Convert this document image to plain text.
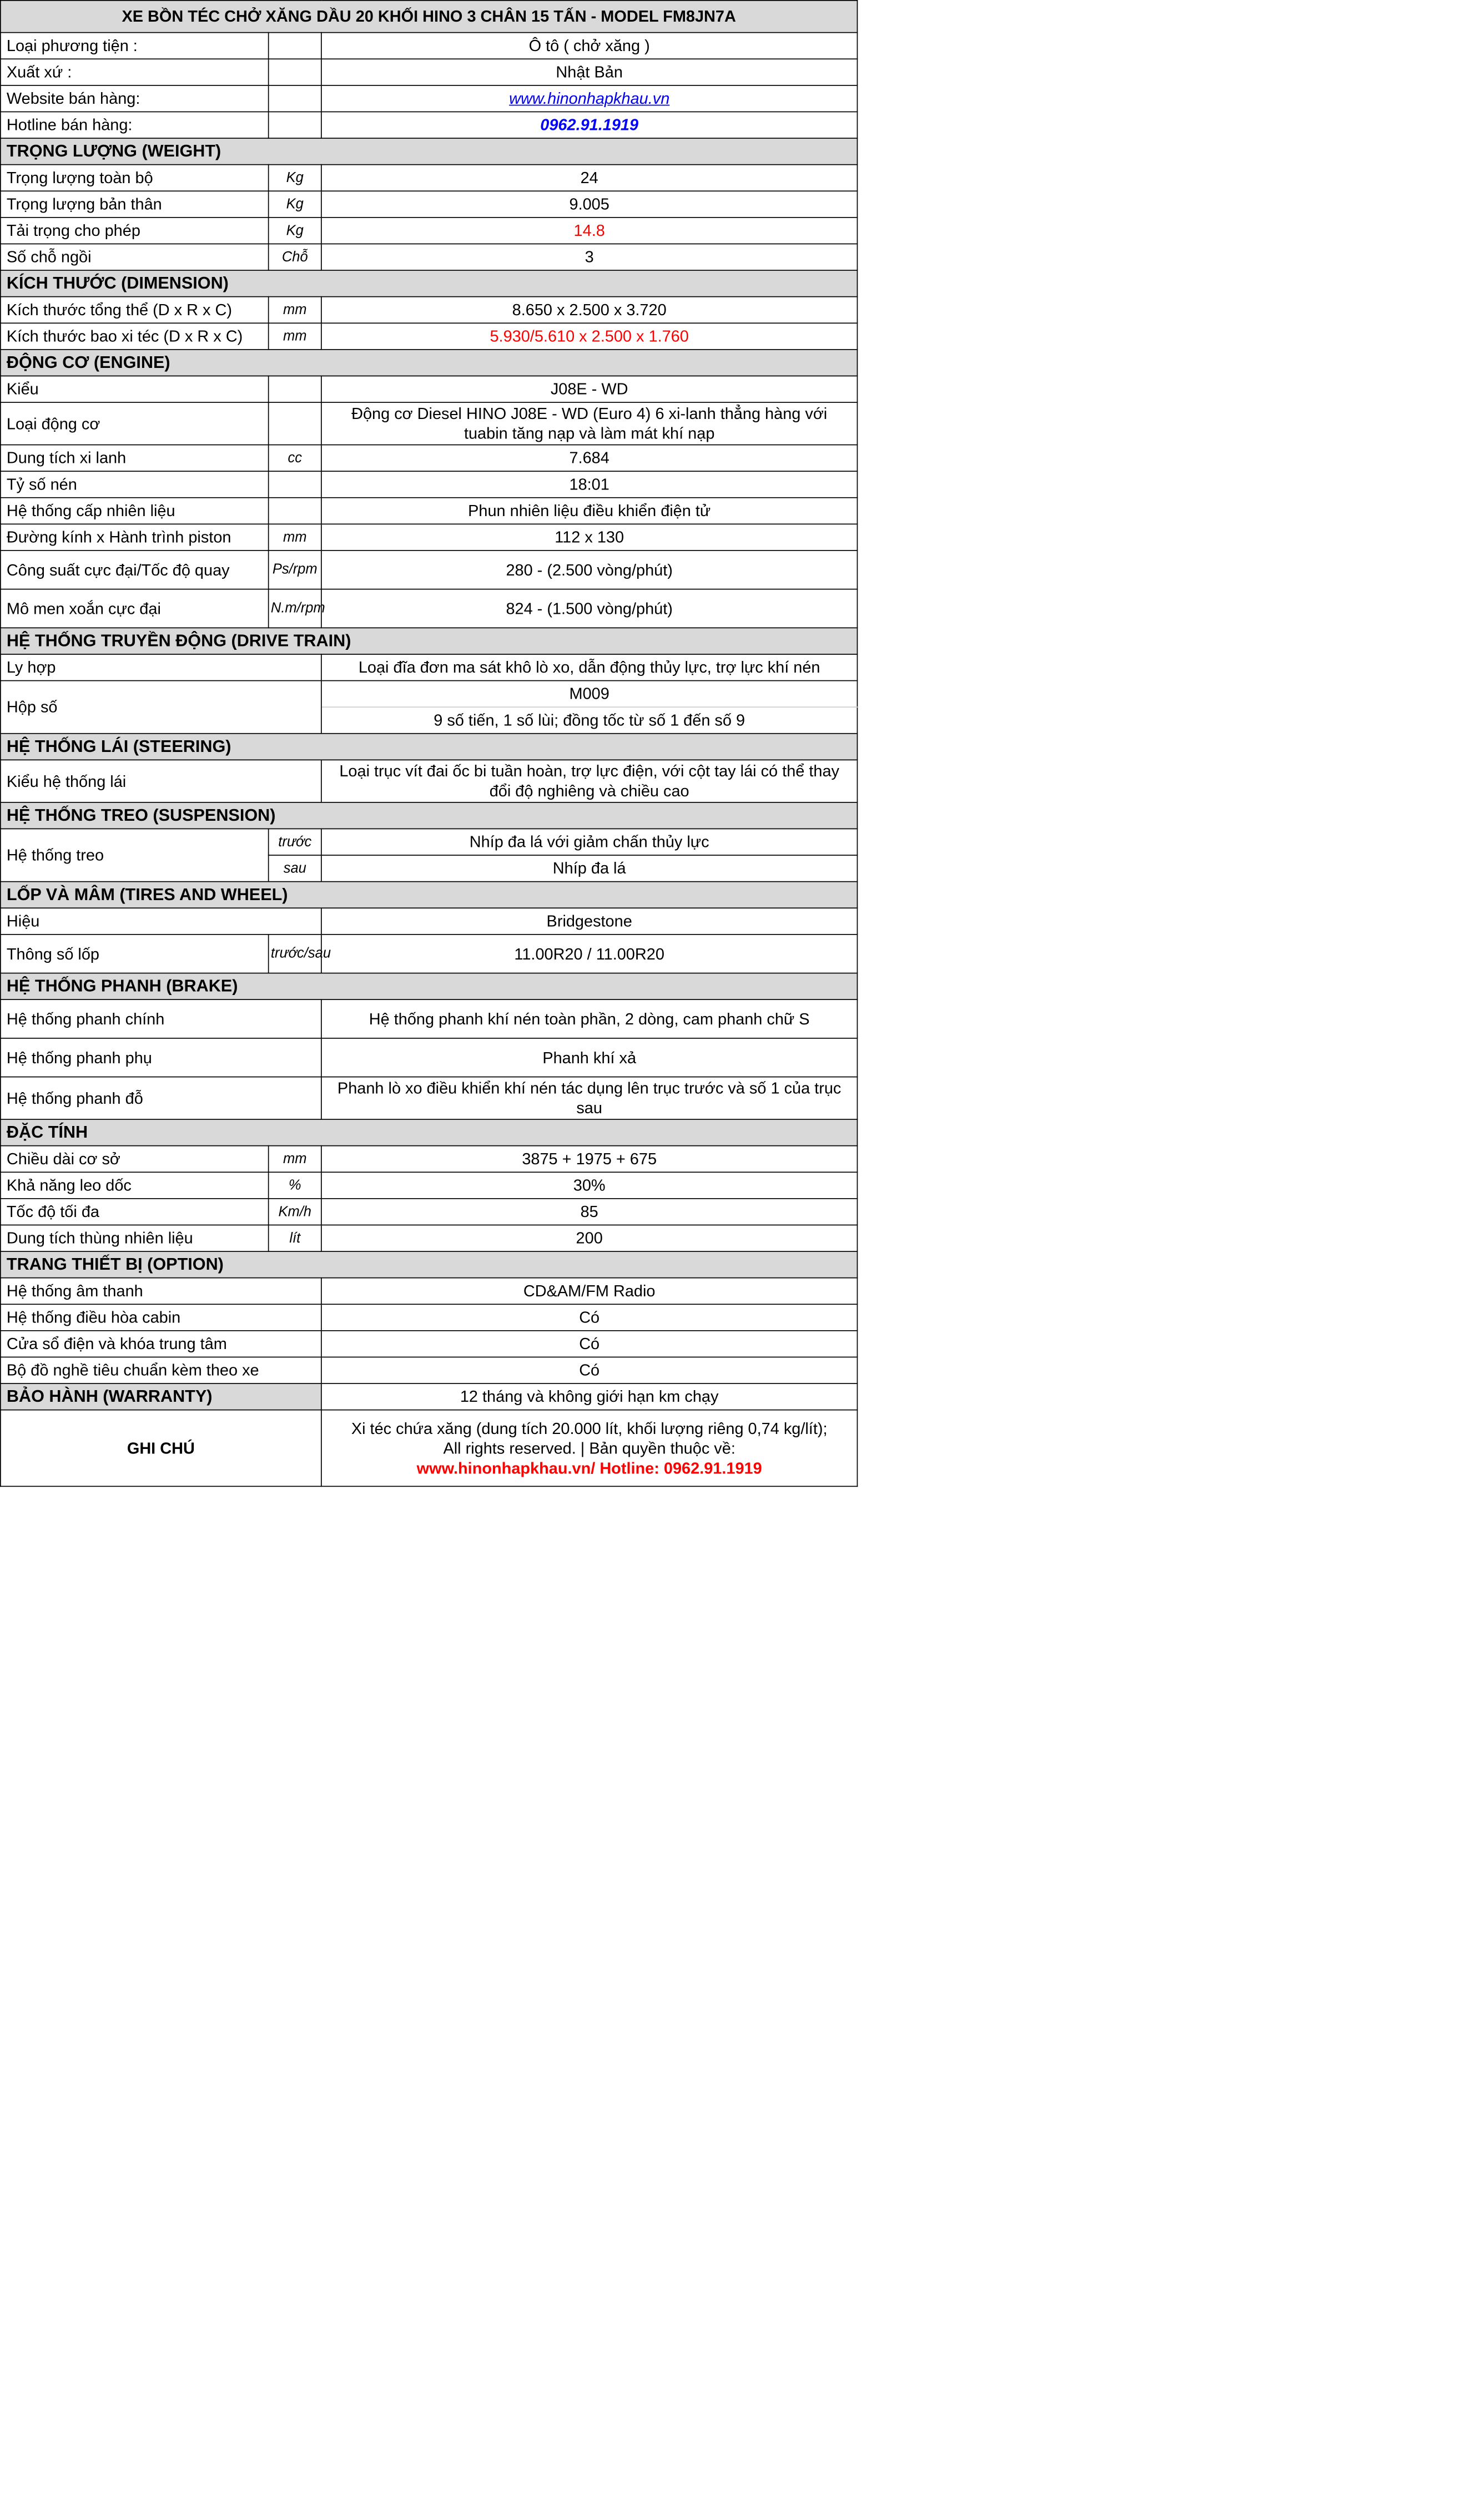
XE BỒN TÉC CHỞ XĂNG DẦU 20 KHỐI HINO 3 CHÂN 15 TẤN - MODEL FM8JN7A		
Loại phương tiện :		Ô tô ( chở xăng )
Xuất xứ :		Nhật Bản
Website bán hàng:		www.hinonhapkhau.vn
Hotline bán hàng:		0962.91.1919
TRỌNG LƯỢNG (WEIGHT)		
Trọng lượng toàn bộ	Kg	24
Trọng lượng bản thân	Kg	9.005
Tải trọng cho phép	Kg	14.8
Số chỗ ngồi	Chỗ	3
KÍCH THƯỚC (DIMENSION)		
Kích thước tổng thể (D x R x C)	mm	8.650 x 2.500 x 3.720
Kích thước bao xi téc (D x R x C)	mm	5.930/5.610 x 2.500 x 1.760
ĐỘNG CƠ (ENGINE)		
Kiểu		J08E - WD
Loại động cơ		Động cơ Diesel HINO J08E - WD (Euro 4) 6 xi-lanh thẳng hàng với tuabin tăng nạp và làm mát khí nạp
Dung tích xi lanh	cc	7.684
Tỷ số nén		18:01
Hệ thống cấp nhiên liệu		Phun nhiên liệu điều khiển điện tử
Đường kính x Hành trình piston	mm	112 x 130
Công suất cực đại/Tốc độ quay	Ps/rpm	280 - (2.500 vòng/phút)
Mô men xoắn cực đại	N.m/rpm	824 - (1.500 vòng/phút)
HỆ THỐNG TRUYỀN ĐỘNG (DRIVE TRAIN)		
Ly hợp		Loại đĩa đơn ma sát khô lò xo, dẫn động thủy lực, trợ lực khí nén
Hộp số		M009
		9 số tiến, 1 số lùi; đồng tốc từ số 1 đến số 9
HỆ THỐNG LÁI (STEERING)		
Kiểu hệ thống lái		Loại trục vít đai ốc bi tuần hoàn, trợ lực điện, với cột tay lái có thể thay đổi độ nghiêng và chiều cao
HỆ THỐNG TREO (SUSPENSION)		
Hệ thống treo	trước	Nhíp đa lá với giảm chấn thủy lực
	sau	Nhíp đa lá
LỐP VÀ MÂM (TIRES AND WHEEL)		
Hiệu		Bridgestone
Thông số lốp	trước/sau	11.00R20 / 11.00R20
HỆ THỐNG PHANH (BRAKE)		
Hệ thống phanh chính		Hệ thống phanh khí nén toàn phần, 2 dòng, cam phanh chữ S
Hệ thống phanh phụ		Phanh khí xả
Hệ thống phanh đỗ		Phanh lò xo điều khiển khí nén tác dụng lên trục trước và số 1 của trục sau
ĐẶC TÍNH		
Chiều dài cơ sở	mm	3875 + 1975 + 675
Khả năng leo dốc	%	30%
Tốc độ tối đa	Km/h	85
Dung tích thùng nhiên liệu	lít	200
TRANG THIẾT BỊ (OPTION)		
Hệ thống âm thanh		CD&AM/FM Radio
Hệ thống điều hòa cabin		Có
Cửa sổ điện và khóa trung tâm		Có
Bộ đồ nghề tiêu chuẩn kèm theo xe		Có
BẢO HÀNH (WARRANTY)		12 tháng và không giới hạn km chạy
GHI CHÚ		Xi téc chứa xăng (dung tích 20.000 lít, khối lượng riêng 0,74 kg/lít);
All rights reserved. | Bản quyền thuộc về:
www.hinonhapkhau.vn/ Hotline: 0962.91.1919
